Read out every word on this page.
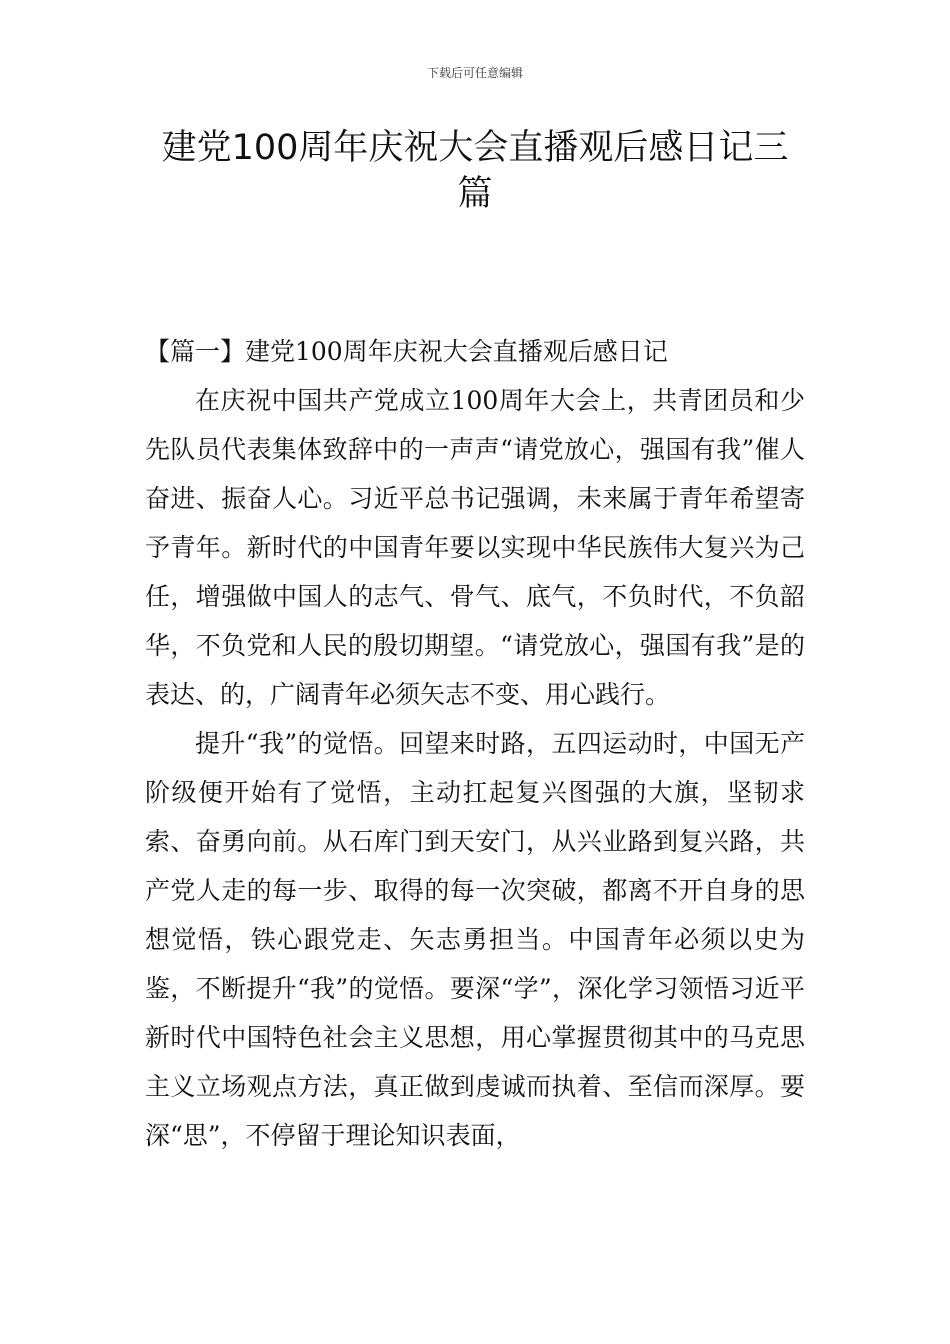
下载后可任意编辑
建党100周年庆祝大会直播观后感日记三篇

【篇一】建党100周年庆祝大会直播观后感日记

在庆祝中国共产党成立100周年大会上，共青团员和少先队员代表集体致辞中的一声声“请党放心，强国有我”催人奋进、振奋人心。习近平总书记强调，未来属于青年希望寄予青年。新时代的中国青年要以实现中华民族伟大复兴为己任，增强做中国人的志气、骨气、底气，不负时代，不负韶华，不负党和人民的殷切期望。“请党放心，强国有我”是的表达、的，广阔青年必须矢志不变、用心践行。

提升“我”的觉悟。回望来时路，五四运动时，中国无产阶级便开始有了觉悟，主动扛起复兴图强的大旗，坚韧求索、奋勇向前。从石库门到天安门，从兴业路到复兴路，共产党人走的每一步、取得的每一次突破，都离不开自身的思想觉悟，铁心跟党走、矢志勇担当。中国青年必须以史为鉴，不断提升“我”的觉悟。要深“学”，深化学习领悟习近平新时代中国特色社会主义思想，用心掌握贯彻其中的马克思主义立场观点方法，真正做到虔诚而执着、至信而深厚。要深“思”，不停留于理论知识表面，
